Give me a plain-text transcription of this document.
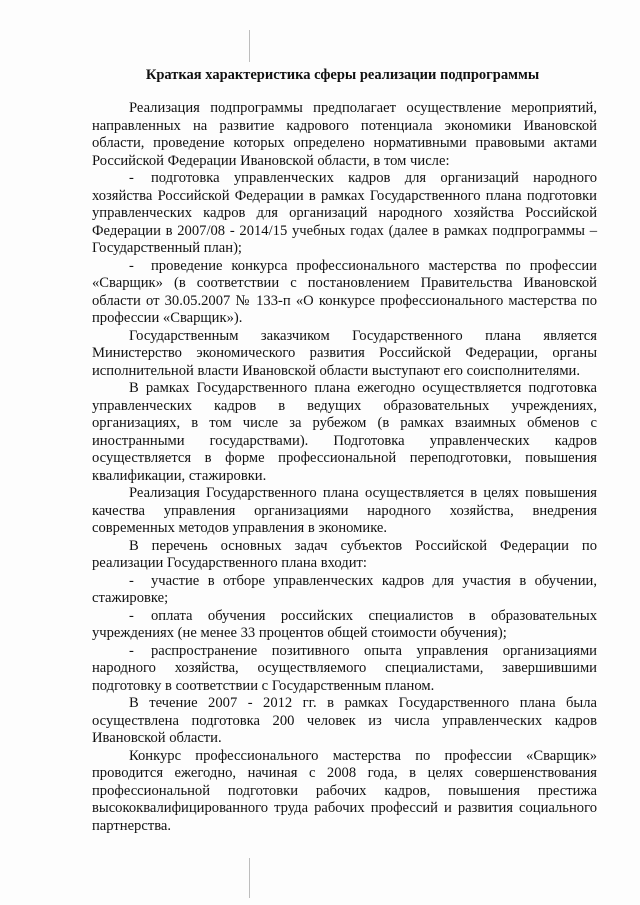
Краткая характеристика сферы реализации подпрограммы

Реализация подпрограммы предполагает осуществление мероприятий, направленных на развитие кадрового потенциала экономики Ивановской области, проведение которых определено нормативными правовыми актами Российской Федерации Ивановской области, в том числе:

- подготовка управленческих кадров для организаций народного хозяйства Российской Федерации в рамках Государственного плана подготовки управленческих кадров для организаций народного хозяйства Российской Федерации в 2007/08 - 2014/15 учебных годах (далее в рамках подпрограммы – Государственный план);

- проведение конкурса профессионального мастерства по профессии «Сварщик» (в соответствии с постановлением Правительства Ивановской области от 30.05.2007 № 133-п «О конкурсе профессионального мастерства по профессии «Сварщик»).

Государственным заказчиком Государственного плана является Министерство экономического развития Российской Федерации, органы исполнительной власти Ивановской области выступают его соисполнителями.

В рамках Государственного плана ежегодно осуществляется подготовка управленческих кадров в ведущих образовательных учреждениях, организациях, в том числе за рубежом (в рамках взаимных обменов с иностранными государствами). Подготовка управленческих кадров осуществляется в форме профессиональной переподготовки, повышения квалификации, стажировки.

Реализация Государственного плана осуществляется в целях повышения качества управления организациями народного хозяйства, внедрения современных методов управления в экономике.

В перечень основных задач субъектов Российской Федерации по реализации Государственного плана входит:

- участие в отборе управленческих кадров для участия в обучении, стажировке;

- оплата обучения российских специалистов в образовательных учреждениях (не менее 33 процентов общей стоимости обучения);

- распространение позитивного опыта управления организациями народного хозяйства, осуществляемого специалистами, завершившими подготовку в соответствии с Государственным планом.

В течение 2007 - 2012 гг. в рамках Государственного плана была осуществлена подготовка 200 человек из числа управленческих кадров Ивановской области.

Конкурс профессионального мастерства по профессии «Сварщик» проводится ежегодно, начиная с 2008 года, в целях совершенствования профессиональной подготовки рабочих кадров, повышения престижа высококвалифицированного труда рабочих профессий и развития социального партнерства.
